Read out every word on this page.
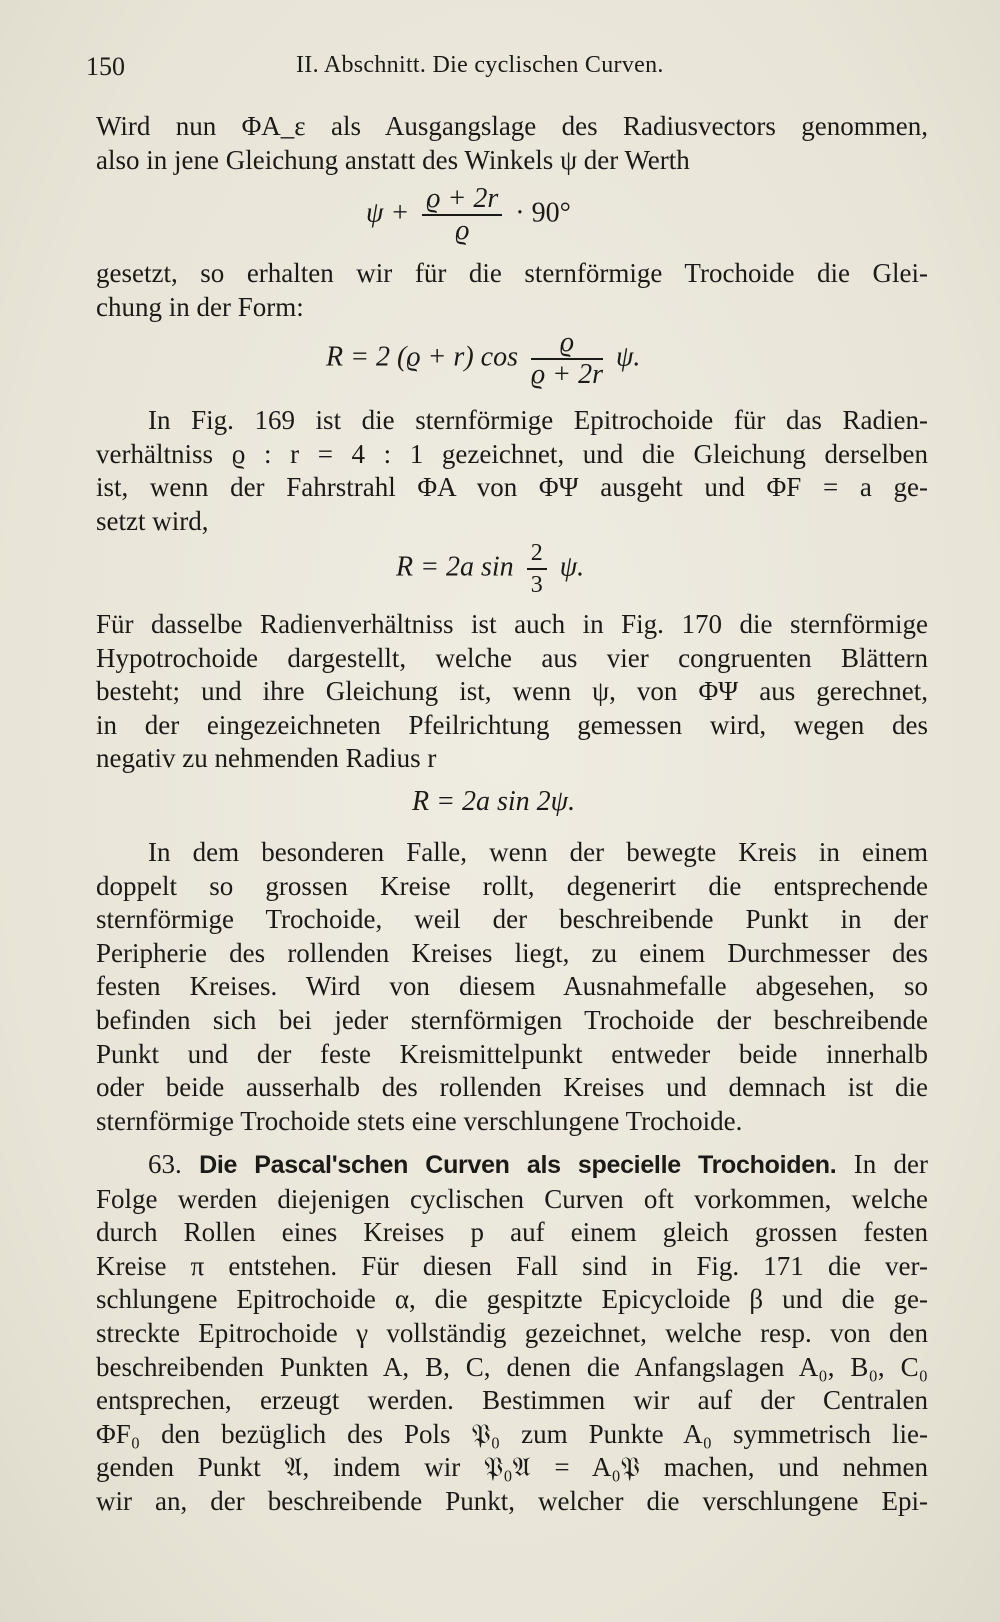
150	II. Abschnitt. Die cyclischen Curven.
Wird nun ΦA_ε als Ausgangslage des Radiusvectors genommen,
also in jene Gleichung anstatt des Winkels ψ der Werth
$\psi + \frac{ϱ + 2r}{ϱ} \cdot 90^\circ$
gesetzt, so erhalten wir für die sternförmige Trochoide die Glei-
chung in der Form:
R = 2 (ϱ + r) $\cos \frac{ϱ}{ϱ + 2r} \psi$.
In Fig. 169 ist die sternförmige Epitrochoide für das Radien-
verhältniss ϱ : r = 4 : 1 gezeichnet, und die Gleichung derselben
ist, wenn der Fahrstrahl ΦA von ΦΨ ausgeht und ΦF = a ge-
setzt wird,
R = 2a $\sin \frac{2}{3} \psi$.
Für dasselbe Radienverhältniss ist auch in Fig. 170 die sternförmige
Hypotrochoide dargestellt, welche aus vier congruenten Blättern
besteht; und ihre Gleichung ist, wenn ψ, von ΦΨ aus gerechnet,
in der eingezeichneten Pfeilrichtung gemessen wird, wegen des
negativ zu nehmenden Radius r
R = 2a sin 2ψ.
In dem besonderen Falle, wenn der bewegte Kreis in einem
doppelt so grossen Kreise rollt, degenerirt die entsprechende
sternförmige Trochoide, weil der beschreibende Punkt in der
Peripherie des rollenden Kreises liegt, zu einem Durchmesser des
festen Kreises. Wird von diesem Ausnahmefalle abgesehen, so
befinden sich bei jeder sternförmigen Trochoide der beschreibende
Punkt und der feste Kreismittelpunkt entweder beide innerhalb
oder beide ausserhalb des rollenden Kreises und demnach ist die
sternförmige Trochoide stets eine verschlungene Trochoide.
63. Die Pascal'schen Curven als specielle Trochoiden. In der
Folge werden diejenigen cyclischen Curven oft vorkommen, welche
durch Rollen eines Kreises p auf einem gleich grossen festen
Kreise π entstehen. Für diesen Fall sind in Fig. 171 die ver-
schlungene Epitrochoide α, die gespitzte Epicycloide β und die ge-
streckte Epitrochoide γ vollständig gezeichnet, welche resp. von den
beschreibenden Punkten A, B, C, denen die Anfangslagen A₀, B₀, C₀
entsprechen, erzeugt werden. Bestimmen wir auf der Centralen
ΦF₀ den bezüglich des Pols 𝔓₀ zum Punkte A₀ symmetrisch lie-
genden Punkt 𝔄, indem wir 𝔓₀𝔄 = A₀𝔓 machen, und nehmen
wir an, der beschreibende Punkt, welcher die verschlungene Epi-
